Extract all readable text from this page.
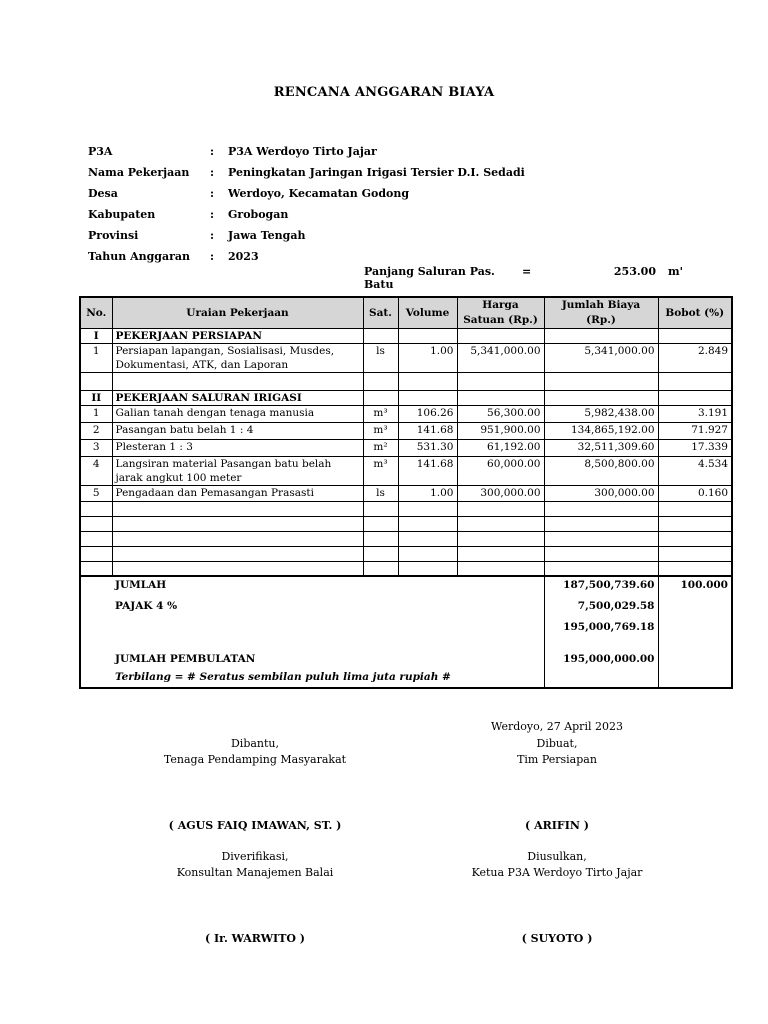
RENCANA ANGGARAN BIAYA
P3A	:	P3A Werdoyo Tirto Jajar
Nama Pekerjaan	:	Peningkatan Jaringan Irigasi Tersier D.I. Sedadi
Desa	:	Werdoyo, Kecamatan Godong
Kabupaten	:	Grobogan
Provinsi	:	Jawa Tengah
Tahun Anggaran	:	2023
Panjang Saluran Pas. Batu
=	253.00 m'
No.	Uraian Pekerjaan	Sat.	Volume	Harga Satuan (Rp.)	Jumlah Biaya (Rp.)	Bobot (%)
I	PEKERJAAN PERSIAPAN					
1	Persiapan lapangan, Sosialisasi, Musdes,	ls	1.00	5,341,000.00	5,341,000.00	2.849
	Dokumentasi, ATK, dan Laporan					

II	PEKERJAAN SALURAN IRIGASI					
1	Galian tanah dengan tenaga manusia	m³	106.26	56,300.00	5,982,438.00	3.191
2	Pasangan batu belah 1 : 4	m³	141.68	951,900.00	134,865,192.00	71.927
3	Plesteran 1 : 3	m²	531.30	61,192.00	32,511,309.60	17.339
4	Langsiran material Pasangan batu belah	m³	141.68	60,000.00	8,500,800.00	4.534
	jarak angkut 100 meter					
5	Pengadaan dan Pemasangan Prasasti	ls	1.00	300,000.00	300,000.00	0.160

	JUMLAH				187,500,739.60	100.000
	PAJAK 4 %				7,500,029.58	
					195,000,769.18	

	JUMLAH PEMBULATAN				195,000,000.00	
	Terbilang = # Seratus sembilan puluh lima juta rupiah #					
Werdoyo, 27 April 2023
Dibantu,
Tenaga Pendamping Masyarakat
( AGUS FAIQ IMAWAN, ST. )
Dibuat,
Tim Persiapan
( ARIFIN )
Diverifikasi,
Konsultan Manajemen Balai
( Ir. WARWITO )
Diusulkan,
Ketua P3A Werdoyo Tirto Jajar
( SUYOTO )
